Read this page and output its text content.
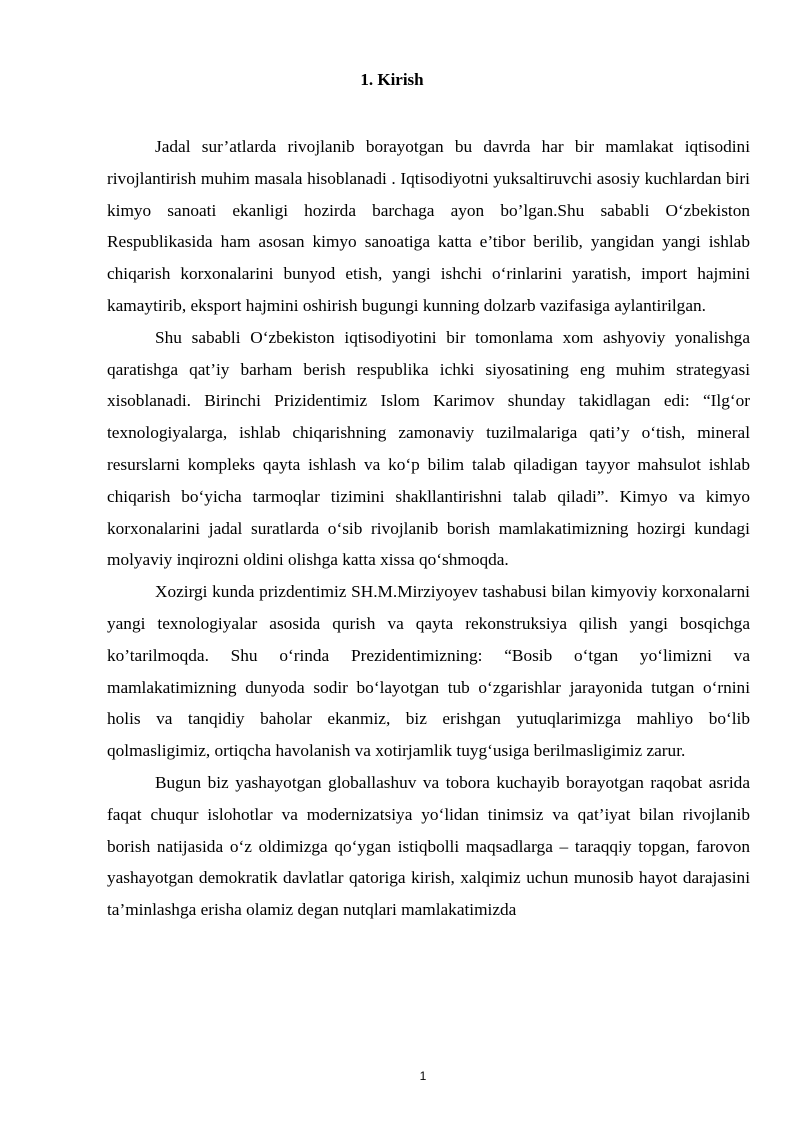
1. Kirish

Jadal sur’atlarda rivojlanib borayotgan bu davrda har bir mamlakat iqtisodini rivojlantirish muhim masala hisoblanadi . Iqtisodiyotni yuksaltiruvchi asosiy kuchlardan biri kimyo sanoati ekanligi hozirda barchaga ayon bo’lgan.Shu sababli O‘zbekiston Respublikasida ham asosan kimyo sanoatiga katta e’tibor berilib, yangidan yangi ishlab chiqarish korxonalarini bunyod etish, yangi ishchi o‘rinlarini yaratish, import hajmini kamaytirib, eksport hajmini oshirish bugungi kunning dolzarb vazifasiga aylantirilgan.

Shu sababli O‘zbekiston iqtisodiyotini bir tomonlama xom ashyoviy yonalishga qaratishga qat’iy barham berish respublika ichki siyosatining eng muhim strategyasi xisoblanadi. Birinchi Prizidentimiz Islom Karimov shunday takidlagan edi: “Ilg‘or texnologiyalarga, ishlab chiqarishning zamonaviy tuzilmalariga qati’y o‘tish, mineral resurslarni kompleks qayta ishlash va ko‘p bilim talab qiladigan tayyor mahsulot ishlab chiqarish bo‘yicha tarmoqlar tizimini shakllantirishni talab qiladi”. Kimyo va kimyo korxonalarini jadal suratlarda o‘sib rivojlanib borish mamlakatimizning hozirgi kundagi molyaviy inqirozni oldini olishga katta xissa qo‘shmoqda.

Xozirgi kunda prizdentimiz SH.M.Mirziyoyev tashabusi bilan kimyoviy korxonalarni yangi texnologiyalar asosida qurish va qayta rekonstruksiya qilish yangi bosqichga ko’tarilmoqda. Shu o‘rinda Prezidentimizning: “Bosib o‘tgan yo‘limizni va mamlakatimizning dunyoda sodir bo‘layotgan tub o‘zgarishlar jarayonida tutgan o‘rnini holis va tanqidiy baholar ekanmiz, biz erishgan yutuqlarimizga mahliyo bo‘lib qolmasligimiz, ortiqcha havolanish va xotirjamlik tuyg‘usiga berilmasligimiz zarur.

Bugun biz yashayotgan globallashuv va tobora kuchayib borayotgan raqobat asrida faqat chuqur islohotlar va modernizatsiya yo‘lidan tinimsiz va qat’iyat bilan rivojlanib borish natijasida o‘z oldimizga qo‘ygan istiqbolli maqsadlarga – taraqqiy topgan, farovon yashayotgan demokratik davlatlar qatoriga kirish, xalqimiz uchun munosib hayot darajasini ta’minlashga erisha olamiz degan nutqlari mamlakatimizda

1
